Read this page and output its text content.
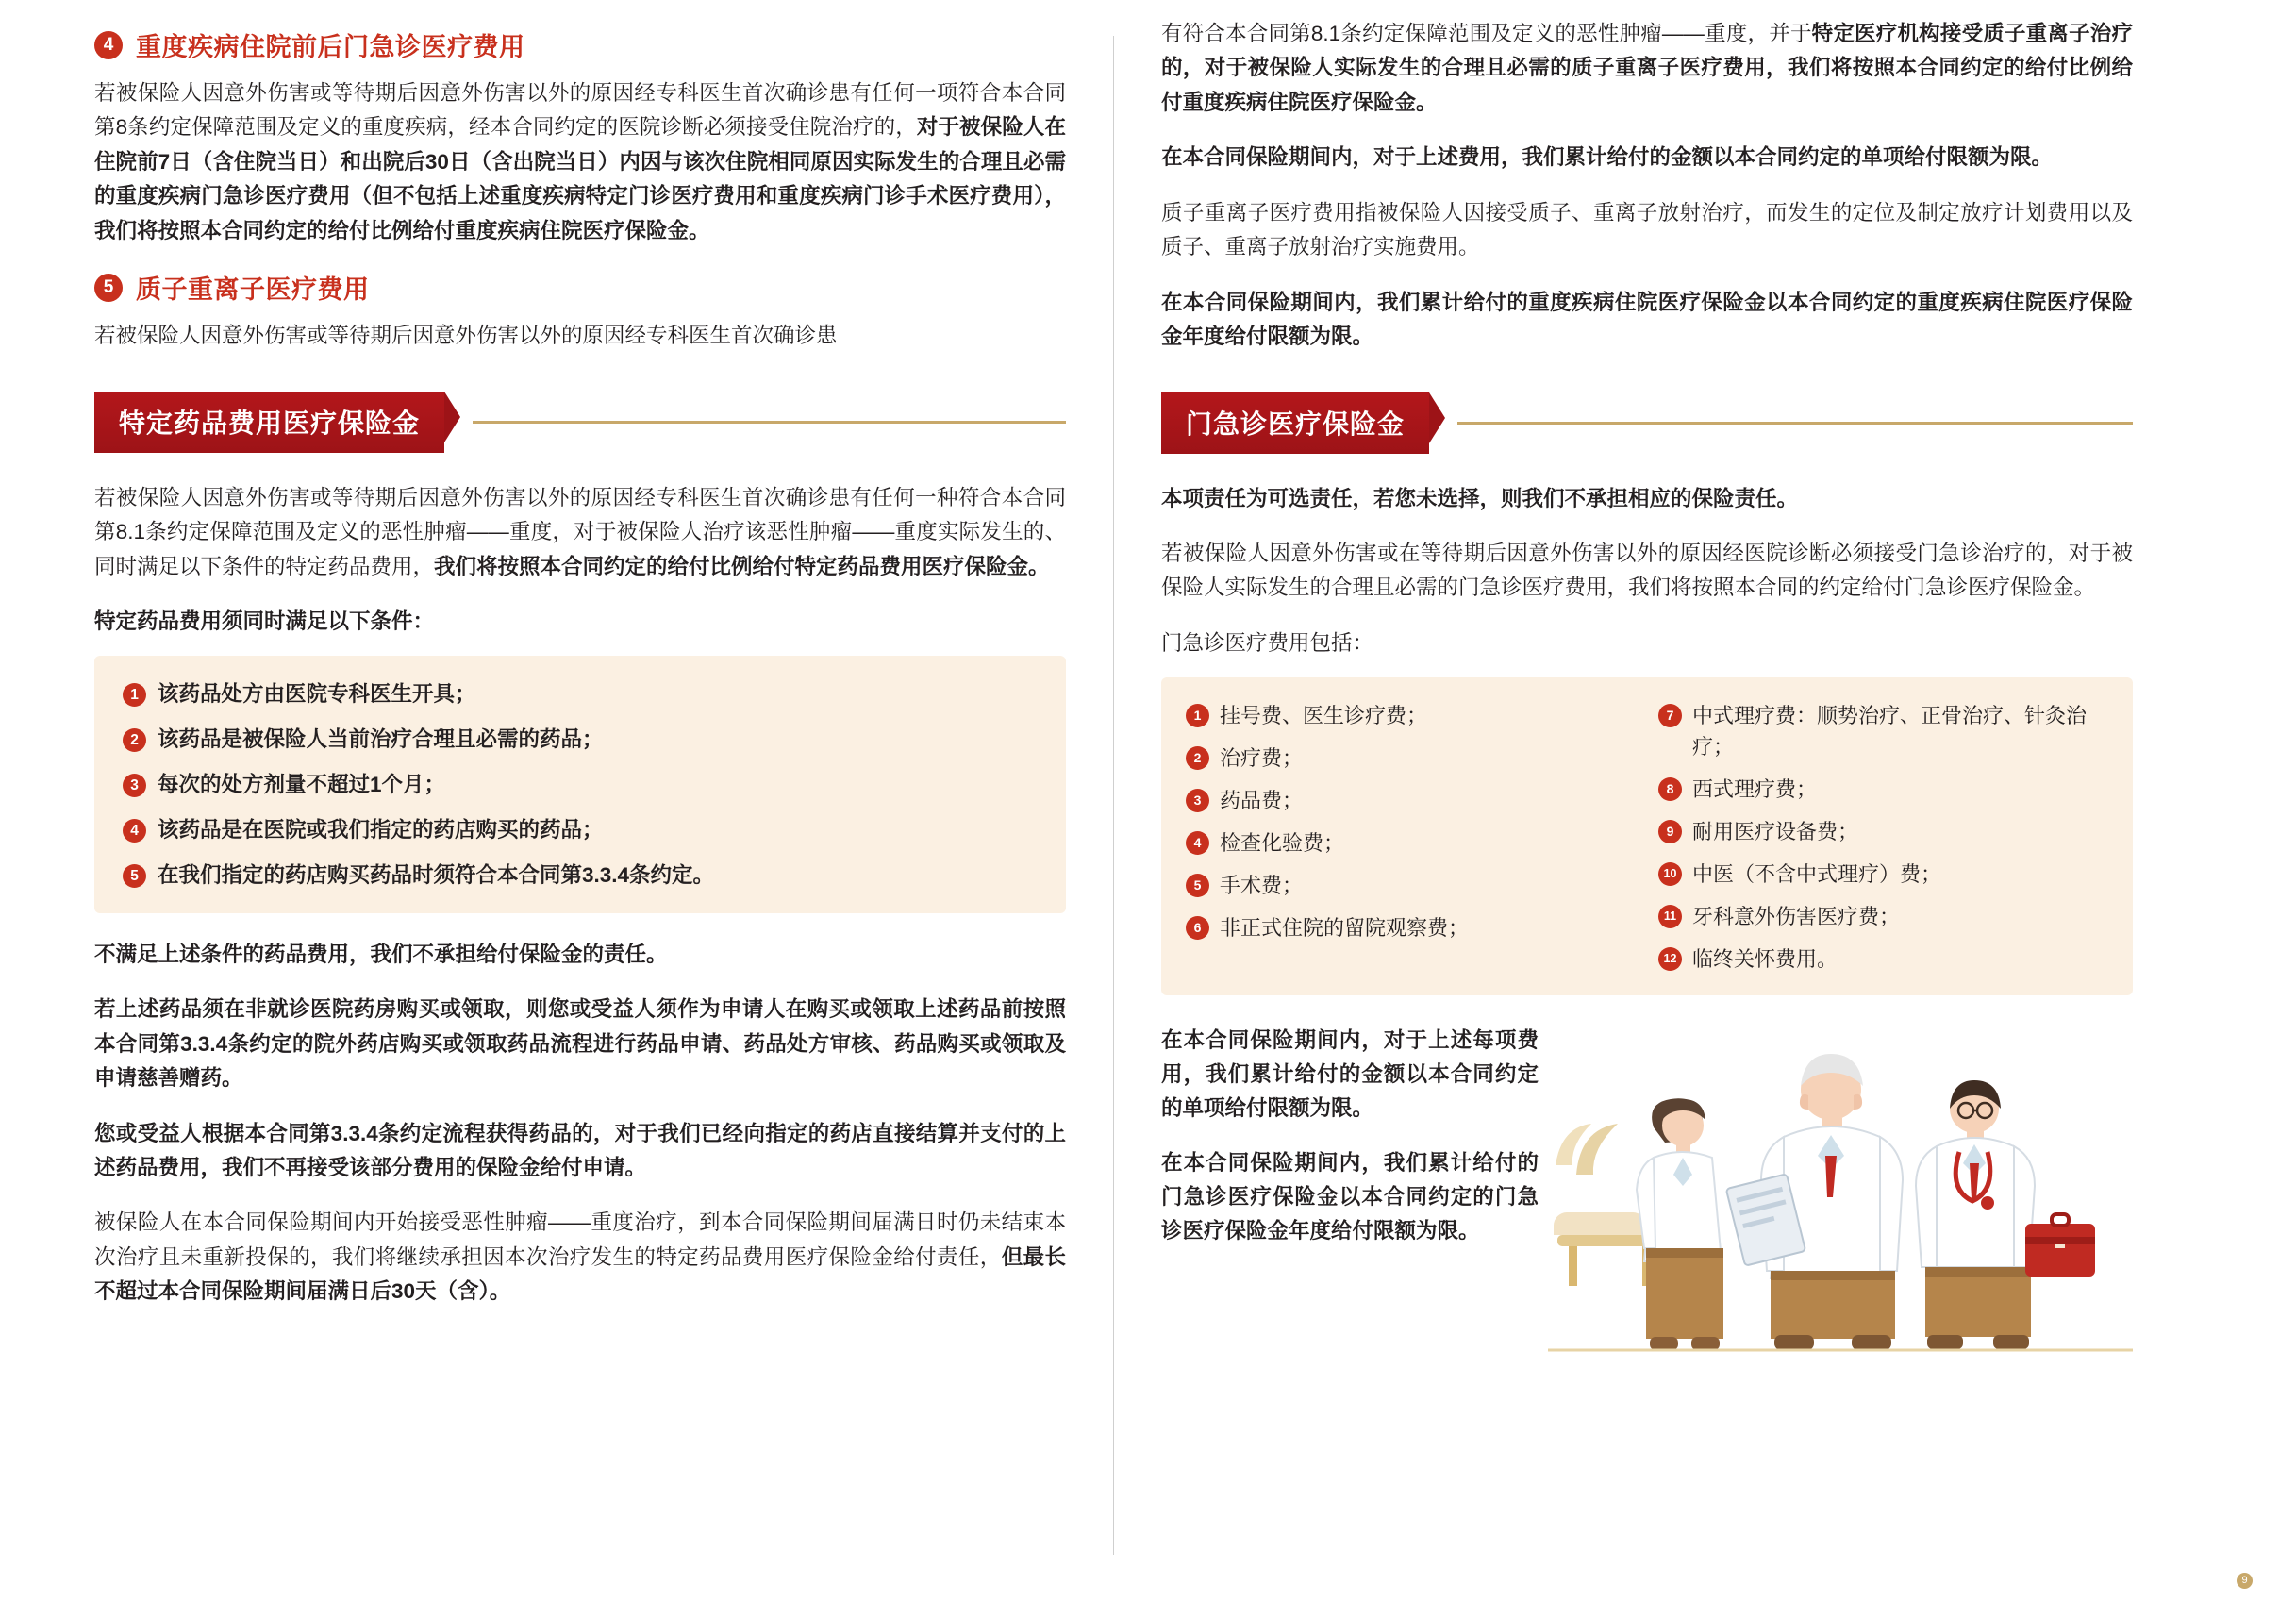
4 重度疾病住院前后门急诊医疗费用

若被保险人因意外伤害或等待期后因意外伤害以外的原因经专科医生首次确诊患有任何一项符合本合同第8条约定保障范围及定义的重度疾病，经本合同约定的医院诊断必须接受住院治疗的，对于被保险人在住院前7日（含住院当日）和出院后30日（含出院当日）内因与该次住院相同原因实际发生的合理且必需的重度疾病门急诊医疗费用（但不包括上述重度疾病特定门诊医疗费用和重度疾病门诊手术医疗费用），我们将按照本合同约定的给付比例给付重度疾病住院医疗保险金。

5 质子重离子医疗费用

若被保险人因意外伤害或等待期后因意外伤害以外的原因经专科医生首次确诊患

特定药品费用医疗保险金

若被保险人因意外伤害或等待期后因意外伤害以外的原因经专科医生首次确诊患有任何一种符合本合同第8.1条约定保障范围及定义的恶性肿瘤——重度，对于被保险人治疗该恶性肿瘤——重度实际发生的、同时满足以下条件的特定药品费用，我们将按照本合同约定的给付比例给付特定药品费用医疗保险金。

特定药品费用须同时满足以下条件：

1 该药品处方由医院专科医生开具；
2 该药品是被保险人当前治疗合理且必需的药品；
3 每次的处方剂量不超过1个月；
4 该药品是在医院或我们指定的药店购买的药品；
5 在我们指定的药店购买药品时须符合本合同第3.3.4条约定。

不满足上述条件的药品费用，我们不承担给付保险金的责任。

若上述药品须在非就诊医院药房购买或领取，则您或受益人须作为申请人在购买或领取上述药品前按照本合同第3.3.4条约定的院外药店购买或领取药品流程进行药品申请、药品处方审核、药品购买或领取及申请慈善赠药。

您或受益人根据本合同第3.3.4条约定流程获得药品的，对于我们已经向指定的药店直接结算并支付的上述药品费用，我们不再接受该部分费用的保险金给付申请。

被保险人在本合同保险期间内开始接受恶性肿瘤——重度治疗，到本合同保险期间届满日时仍未结束本次治疗且未重新投保的，我们将继续承担因本次治疗发生的特定药品费用医疗保险金给付责任，但最长不超过本合同保险期间届满日后30天（含）。

有符合本合同第8.1条约定保障范围及定义的恶性肿瘤——重度，并于特定医疗机构接受质子重离子治疗的，对于被保险人实际发生的合理且必需的质子重离子医疗费用，我们将按照本合同约定的给付比例给付重度疾病住院医疗保险金。

在本合同保险期间内，对于上述费用，我们累计给付的金额以本合同约定的单项给付限额为限。

质子重离子医疗费用指被保险人因接受质子、重离子放射治疗，而发生的定位及制定放疗计划费用以及质子、重离子放射治疗实施费用。

在本合同保险期间内，我们累计给付的重度疾病住院医疗保险金以本合同约定的重度疾病住院医疗保险金年度给付限额为限。

门急诊医疗保险金

本项责任为可选责任，若您未选择，则我们不承担相应的保险责任。

若被保险人因意外伤害或在等待期后因意外伤害以外的原因经医院诊断必须接受门急诊治疗的，对于被保险人实际发生的合理且必需的门急诊医疗费用，我们将按照本合同的约定给付门急诊医疗保险金。

门急诊医疗费用包括：

1 挂号费、医生诊疗费；
2 治疗费；
3 药品费；
4 检查化验费；
5 手术费；
6 非正式住院的留院观察费；
7 中式理疗费：顺势治疗、正骨治疗、针灸治疗；
8 西式理疗费；
9 耐用医疗设备费；
10 中医（不含中式理疗）费；
11 牙科意外伤害医疗费；
12 临终关怀费用。

在本合同保险期间内，对于上述每项费用，我们累计给付的金额以本合同约定的单项给付限额为限。

在本合同保险期间内，我们累计给付的门急诊医疗保险金以本合同约定的门急诊医疗保险金年度给付限额为限。

9
